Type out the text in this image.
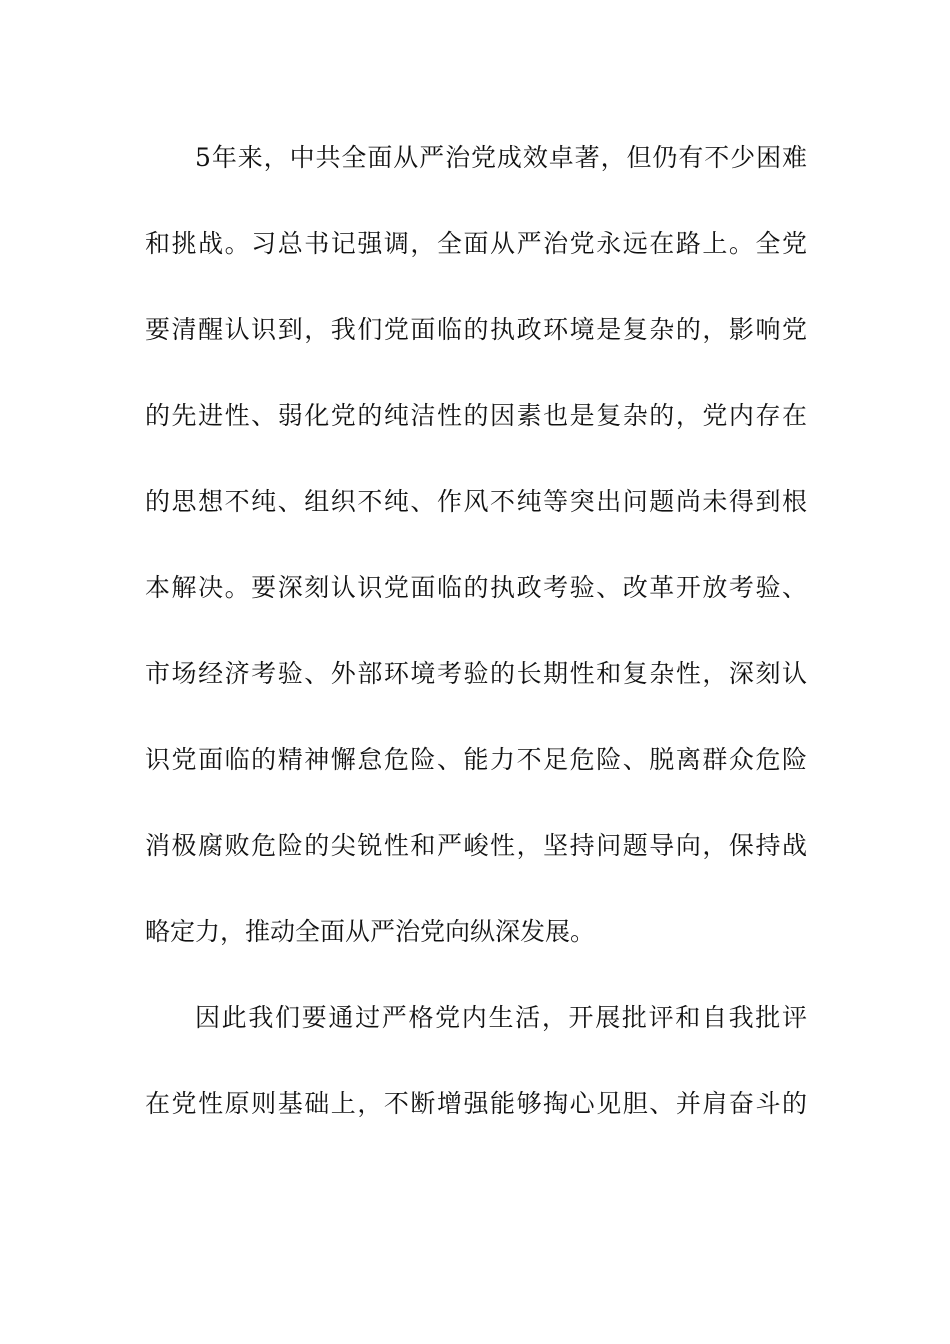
5年来，中共全面从严治党成效卓著，但仍有不少困难
和挑战。习总书记强调，全面从严治党永远在路上。全党
要清醒认识到，我们党面临的执政环境是复杂的，影响党
的先进性、弱化党的纯洁性的因素也是复杂的，党内存在
的思想不纯、组织不纯、作风不纯等突出问题尚未得到根
本解决。要深刻认识党面临的执政考验、改革开放考验、
市场经济考验、外部环境考验的长期性和复杂性，深刻认
识党面临的精神懈怠危险、能力不足危险、脱离群众危险
消极腐败危险的尖锐性和严峻性，坚持问题导向，保持战
略定力，推动全面从严治党向纵深发展。
因此我们要通过严格党内生活，开展批评和自我批评
在党性原则基础上，不断增强能够掏心见胆、并肩奋斗的
